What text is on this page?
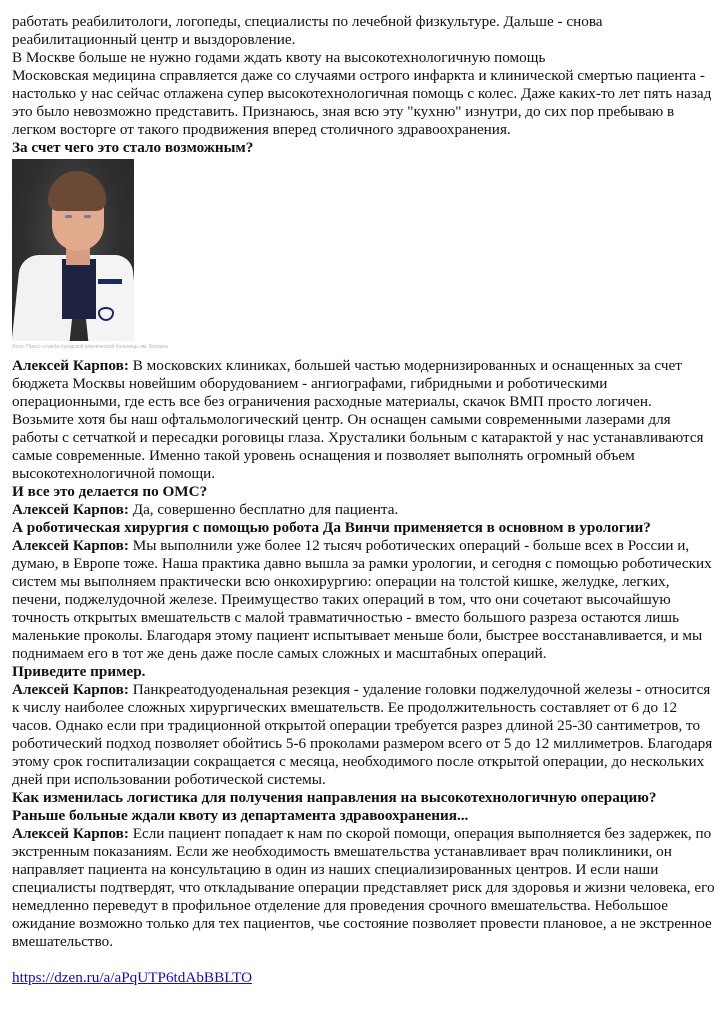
работать реабилитологи, логопеды, специалисты по лечебной физкультуре. Дальше - снова реабилитационный центр и выздоровление.

В Москве больше не нужно годами ждать квоту на высокотехнологичную помощь

Московская медицина справляется даже со случаями острого инфаркта и клинической смертью пациента - настолько у нас сейчас отлажена супер высокотехнологичная помощь с колес. Даже каких-то лет пять назад это было невозможно представить. Признаюсь, зная всю эту "кухню" изнутри, до сих пор пребываю в легком восторге от такого продвижения вперед столичного здравоохранения.

За счет чего это стало возможным?

Фото: Пресс-служба городской клинической больницы им. Боткина

Алексей Карпов: В московских клиниках, большей частью модернизированных и оснащенных за счет бюджета Москвы новейшим оборудованием - ангиографами, гибридными и роботическими операционными, где есть все без ограничения расходные материалы, скачок ВМП просто логичен. Возьмите хотя бы наш офтальмологический центр. Он оснащен самыми современными лазерами для работы с сетчаткой и пересадки роговицы глаза. Хрусталики больным с катарактой у нас устанавливаются самые современные. Именно такой уровень оснащения и позволяет выполнять огромный объем высокотехнологичной помощи.

И все это делается по ОМС?

Алексей Карпов: Да, совершенно бесплатно для пациента.

А роботическая хирургия с помощью робота Да Винчи применяется в основном в урологии?

Алексей Карпов: Мы выполнили уже более 12 тысяч роботических операций - больше всех в России и, думаю, в Европе тоже. Наша практика давно вышла за рамки урологии, и сегодня с помощью роботических систем мы выполняем практически всю онкохирургию: операции на толстой кишке, желудке, легких, печени, поджелудочной железе. Преимущество таких операций в том, что они сочетают высочайшую точность открытых вмешательств с малой травматичностью - вместо большого разреза остаются лишь маленькие проколы. Благодаря этому пациент испытывает меньше боли, быстрее восстанавливается, и мы поднимаем его в тот же день даже после самых сложных и масштабных операций.

Приведите пример.

Алексей Карпов: Панкреатодуоденальная резекция - удаление головки поджелудочной железы - относится к числу наиболее сложных хирургических вмешательств. Ее продолжительность составляет от 6 до 12 часов. Однако если при традиционной открытой операции требуется разрез длиной 25-30 сантиметров, то роботический подход позволяет обойтись 5-6 проколами размером всего от 5 до 12 миллиметров. Благодаря этому срок госпитализации сокращается с месяца, необходимого после открытой операции, до нескольких дней при использовании роботической системы.

Как изменилась логистика для получения направления на высокотехнологичную операцию?

Раньше больные ждали квоту из департамента здравоохранения...

Алексей Карпов: Если пациент попадает к нам по скорой помощи, операция выполняется без задержек, по экстренным показаниям. Если же необходимость вмешательства устанавливает врач поликлиники, он направляет пациента на консультацию в один из наших специализированных центров. И если наши специалисты подтвердят, что откладывание операции представляет риск для здоровья и жизни человека, его немедленно переведут в профильное отделение для проведения срочного вмешательства. Небольшое ожидание возможно только для тех пациентов, чье состояние позволяет провести плановое, а не экстренное вмешательство.

https://dzen.ru/a/aPqUTP6tdAbBBLTO
